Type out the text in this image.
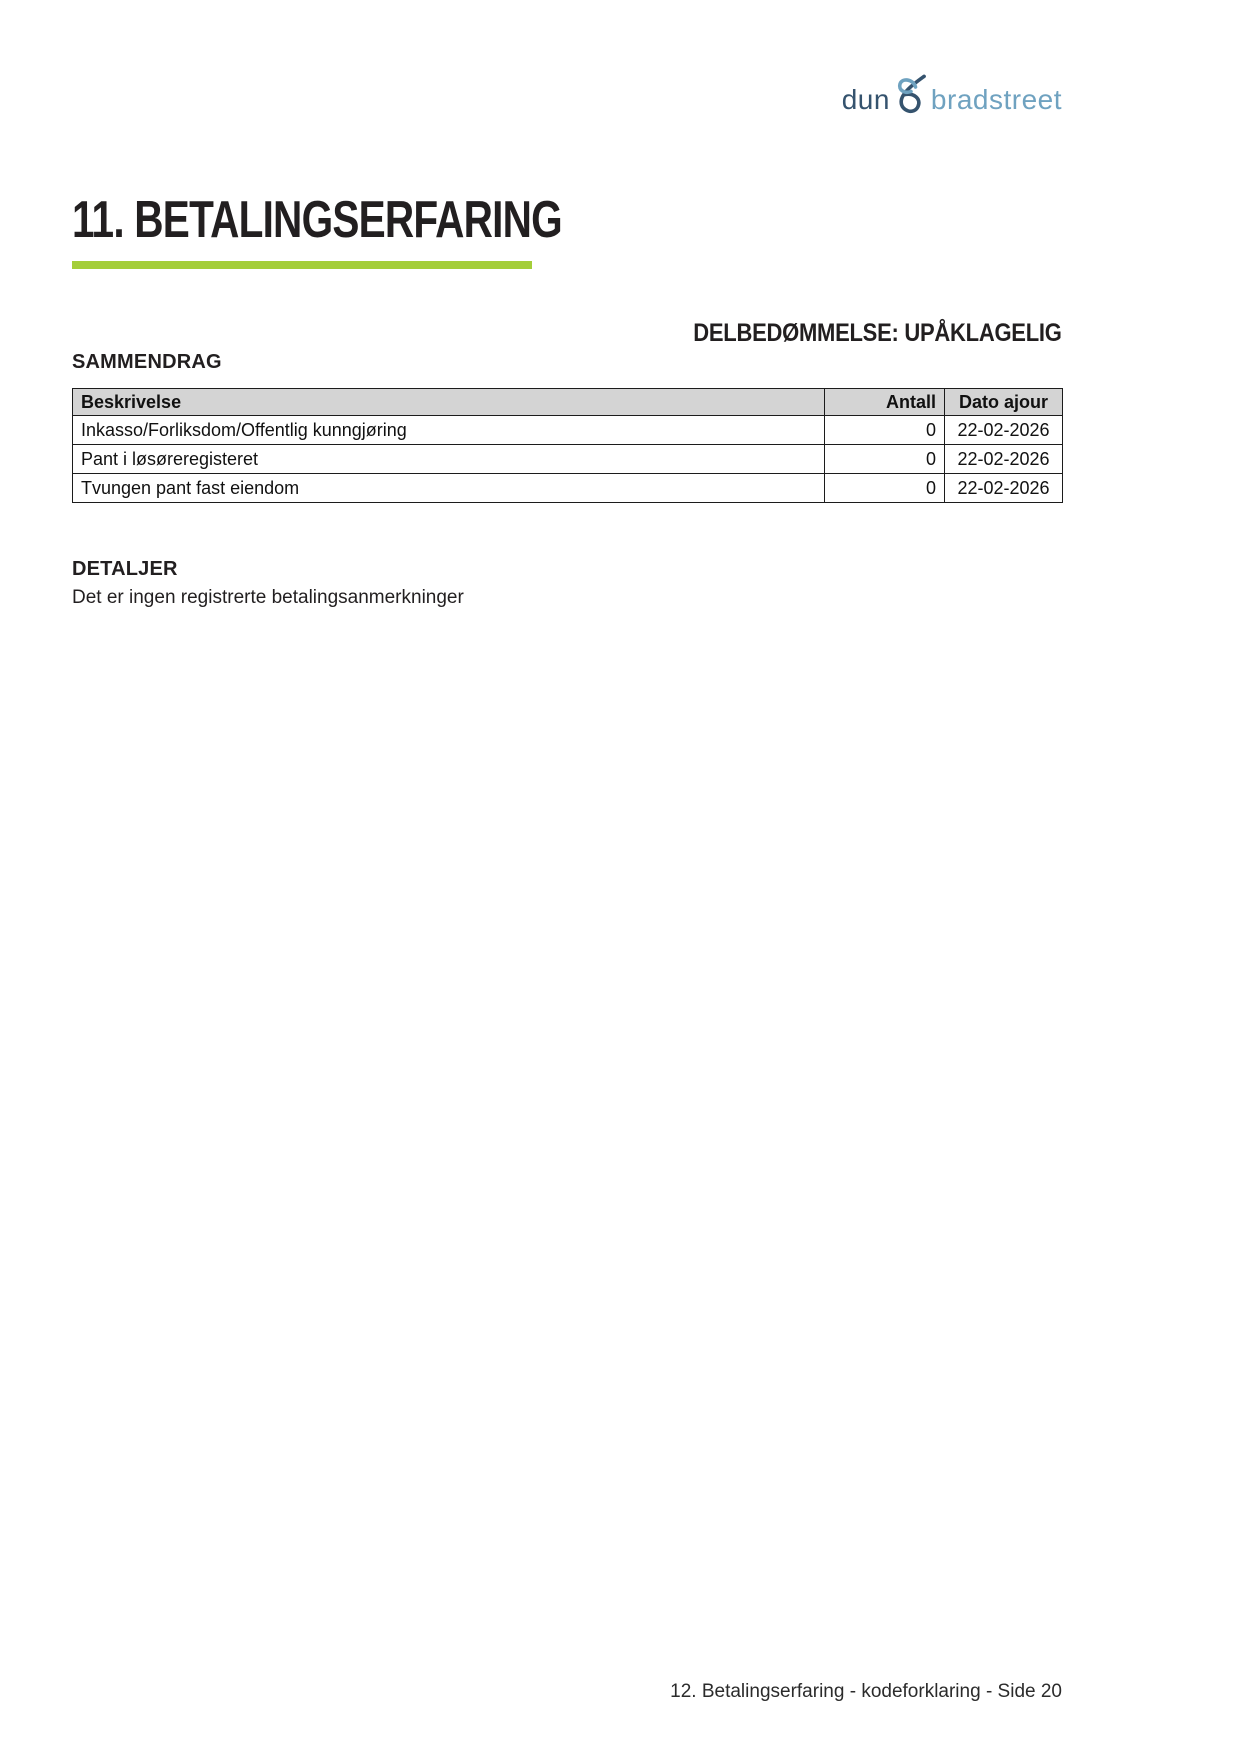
dun bradstreet
11. BETALINGSERFARING
DELBEDØMMELSE: UPÅKLAGELIG
SAMMENDRAG
Beskrivelse	Antall	Dato ajour
Inkasso/Forliksdom/Offentlig kunngjøring	0	22-02-2026
Pant i løsøreregisteret	0	22-02-2026
Tvungen pant fast eiendom	0	22-02-2026
DETALJER

Det er ingen registrerte betalingsanmerkninger

12. Betalingserfaring - kodeforklaring - Side 20
